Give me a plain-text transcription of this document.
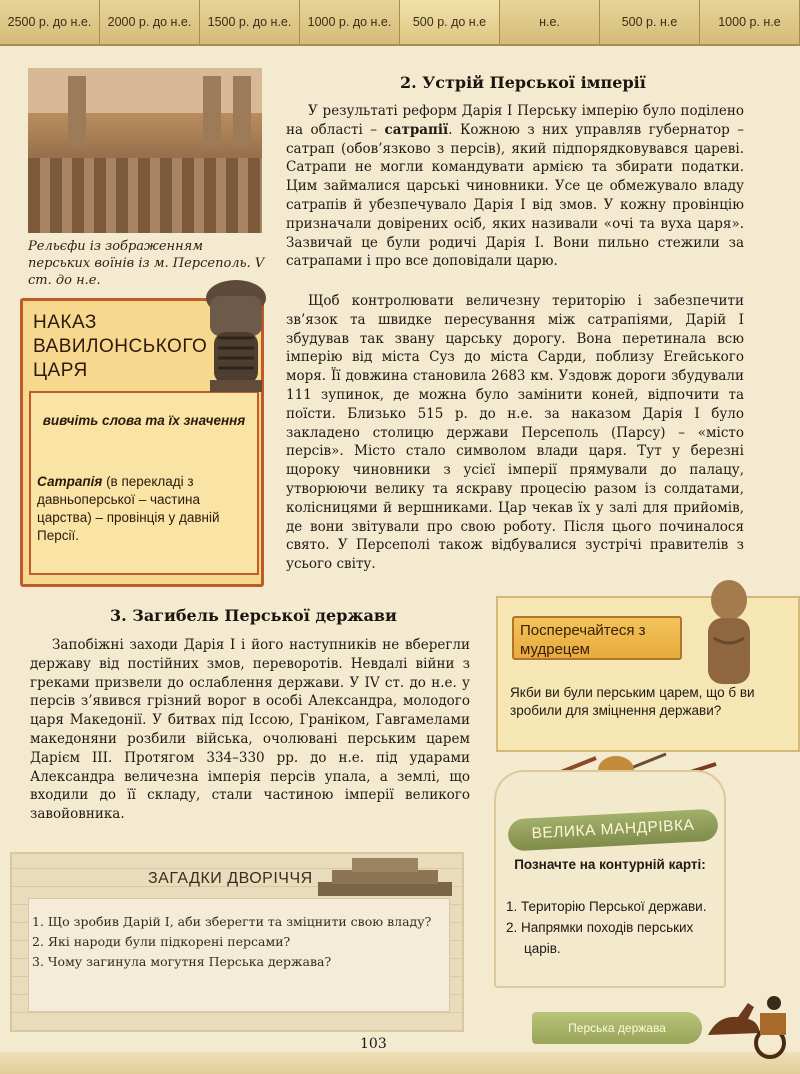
2500 р. до н.е.	2000 р. до н.е.	1500 р. до н.е.	1000 р. до н.е.	500 р. до н.е	н.е.	500 р. н.е	1000 р. н.е
Рельєфи із зображенням перських воїнів із м. Персеполь. V ст. до н.е.
НАКАЗ ВАВИЛОНСЬКОГО ЦАРЯ
вивчіть слова та їх значення
Сатрапія (в перекладі з давньоперської – частина царства) – провінція у давній Персії.
2. Устрій Перської імперії
У результаті реформ Дарія I Перську імперію було поділено на області – сатрапії. Кожною з них управляв губернатор – сатрап (обов’язково з персів), який підпорядковувався цареві. Сатрапи не могли командувати армією та збирати податки. Цим займалися царські чиновники. Усе це обмежувало владу сатрапів й убезпечувало Дарія I від змов. У кожну провінцію призначали довірених осіб, яких називали «очі та вуха царя». Зазвичай це були родичі Дарія I. Вони пильно стежили за сатрапами і про все доповідали царю.
Щоб контролювати величезну територію і забезпечити зв’язок та швидке пересування між сатрапіями, Дарій I збудував так звану царську дорогу. Вона перетинала всю імперію від міста Суз до міста Сарди, поблизу Егейського моря. Її довжина становила 2683 км. Уздовж дороги збудували 111 зупинок, де можна було замінити коней, відпочити та поїсти. Близько 515 р. до н.е. за наказом Дарія I було закладено столицю держави Персеполь (Парсу) – «місто персів». Місто стало символом влади царя. Тут у березні щороку чиновники з усієї імперії прямували до палацу, утворюючи велику та яскраву процесію разом із солдатами, колісницями й вершниками. Цар чекав їх у залі для прийомів, де вони звітували про свою роботу. Після цього починалося свято. У Персеполі також відбувалися зустрічі правителів з усього світу.
3. Загибель Перської держави
Запобіжні заходи Дарія I і його наступників не вберегли державу від постійних змов, переворотів. Невдалі війни з греками призвели до ослаблення держави. У IV ст. до н.е. у персів з’явився грізний ворог в особі Александра, молодого царя Македонії. У битвах під Іссою, Граніком, Гавгамелами македоняни розбили війська, очолювані перським царем Дарієм III. Протягом 334–330 рр. до н.е. під ударами Александра величезна імперія персів упала, а землі, що входили до її складу, стали частиною імперії великого завойовника.
Посперечайтеся з мудрецем
Якби ви були перським царем, що б ви зробили для зміцнення держави?
ВЕЛИКА МАНДРІВКА
Позначте на контурній карті:
1. Територію Перської держави.
2. Напрямки походів перських царів.
ЗАГАДКИ ДВОРІЧЧЯ
1. Що зробив Дарій I, аби зберегти та зміцнити свою владу?
2. Які народи були підкорені персами?
3. Чому загинула могутня Перська держава?
Перська держава
103
